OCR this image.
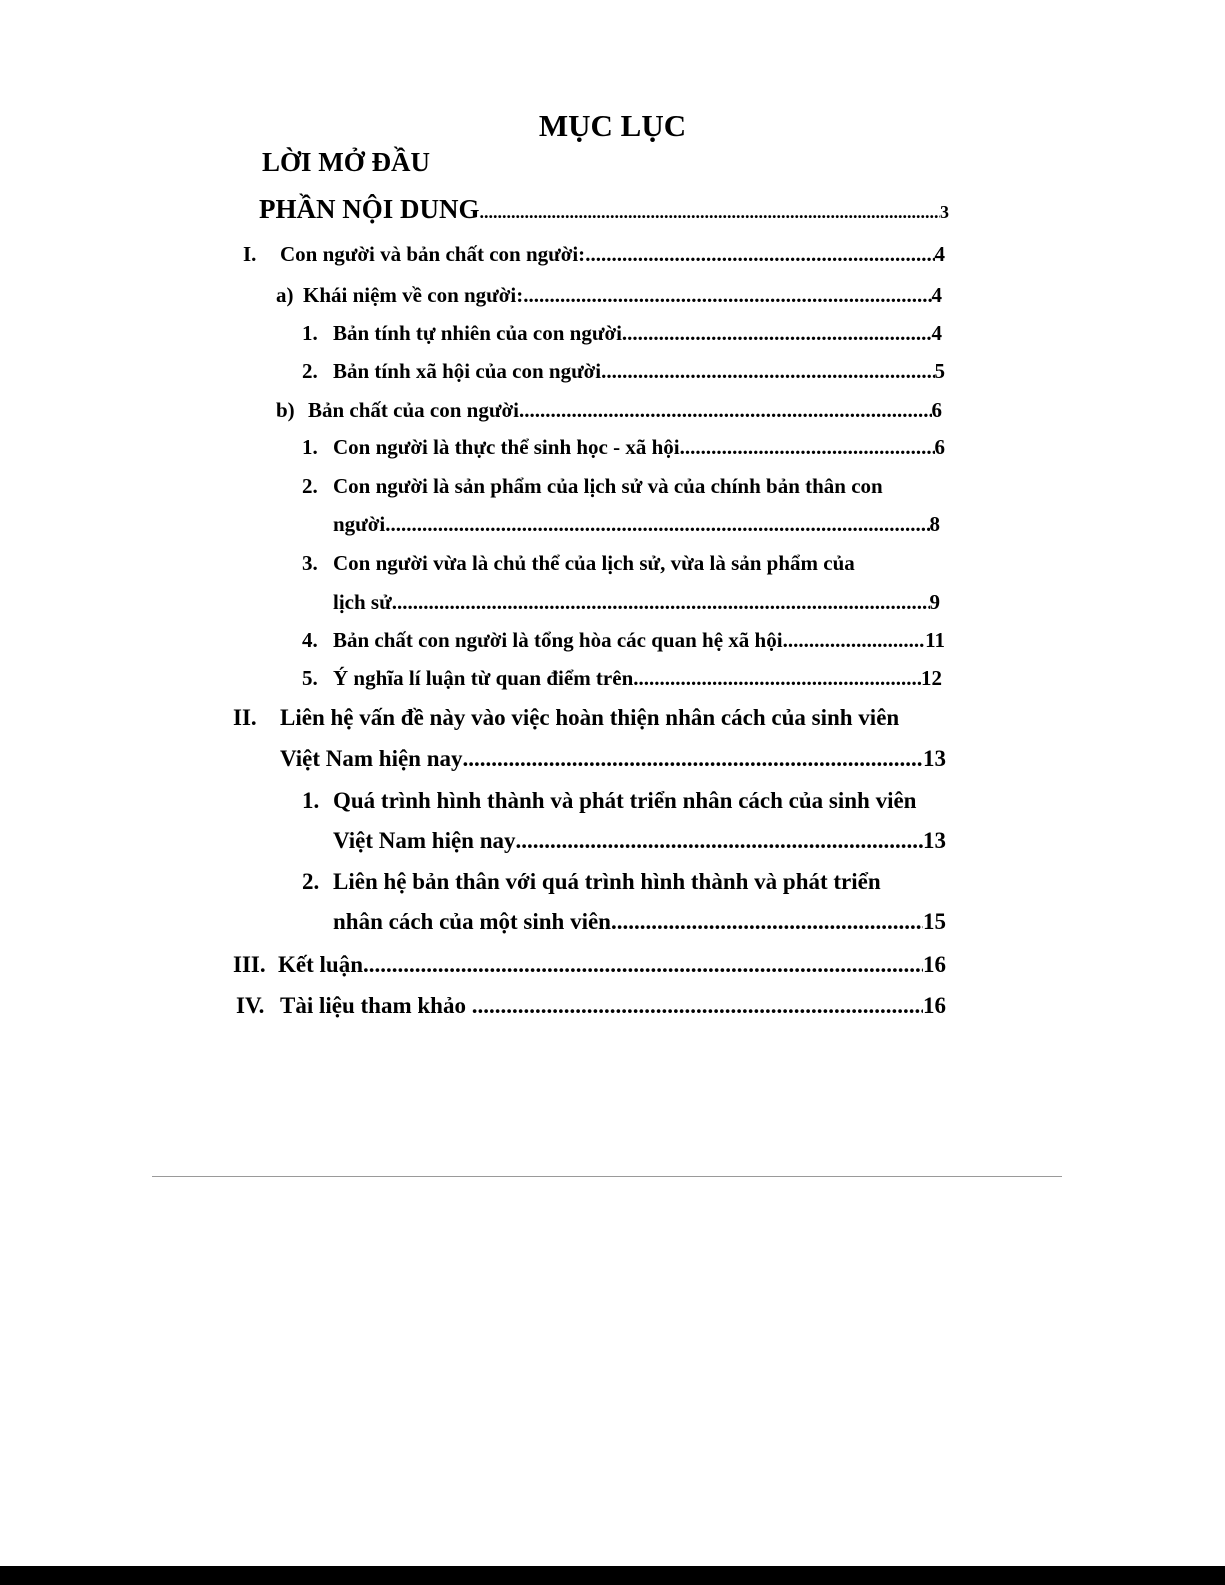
MỤC LỤC
LỜI MỞ ĐẦU
PHẦN NỘI DUNG .....	3
I.	Con người và bản chất con người: .....	4
a) Khái niệm về con người: .....	4
1. Bản tính tự nhiên của con người .....	4
2. Bản tính xã hội của con người .....	5
b) Bản chất của con người .....	6
1. Con người là thực thể sinh học - xã hội .....	6
2. Con người là sản phẩm của lịch sử và của chính bản thân con
người .....	8
3. Con người vừa là chủ thể của lịch sử, vừa là sản phẩm của
lịch sử .....	9
4. Bản chất con người là tổng hòa các quan hệ xã hội .....	11
5. Ý nghĩa lí luận từ quan điểm trên .....	12
II. Liên hệ vấn đề này vào việc hoàn thiện nhân cách của sinh viên
Việt Nam hiện nay .....	13
1. Quá trình hình thành và phát triển nhân cách của sinh viên
Việt Nam hiện nay .....	13
2. Liên hệ bản thân với quá trình hình thành và phát triển
nhân cách của một sinh viên .....	15
III. Kết luận .....	16
IV. Tài liệu tham khảo .....	16
